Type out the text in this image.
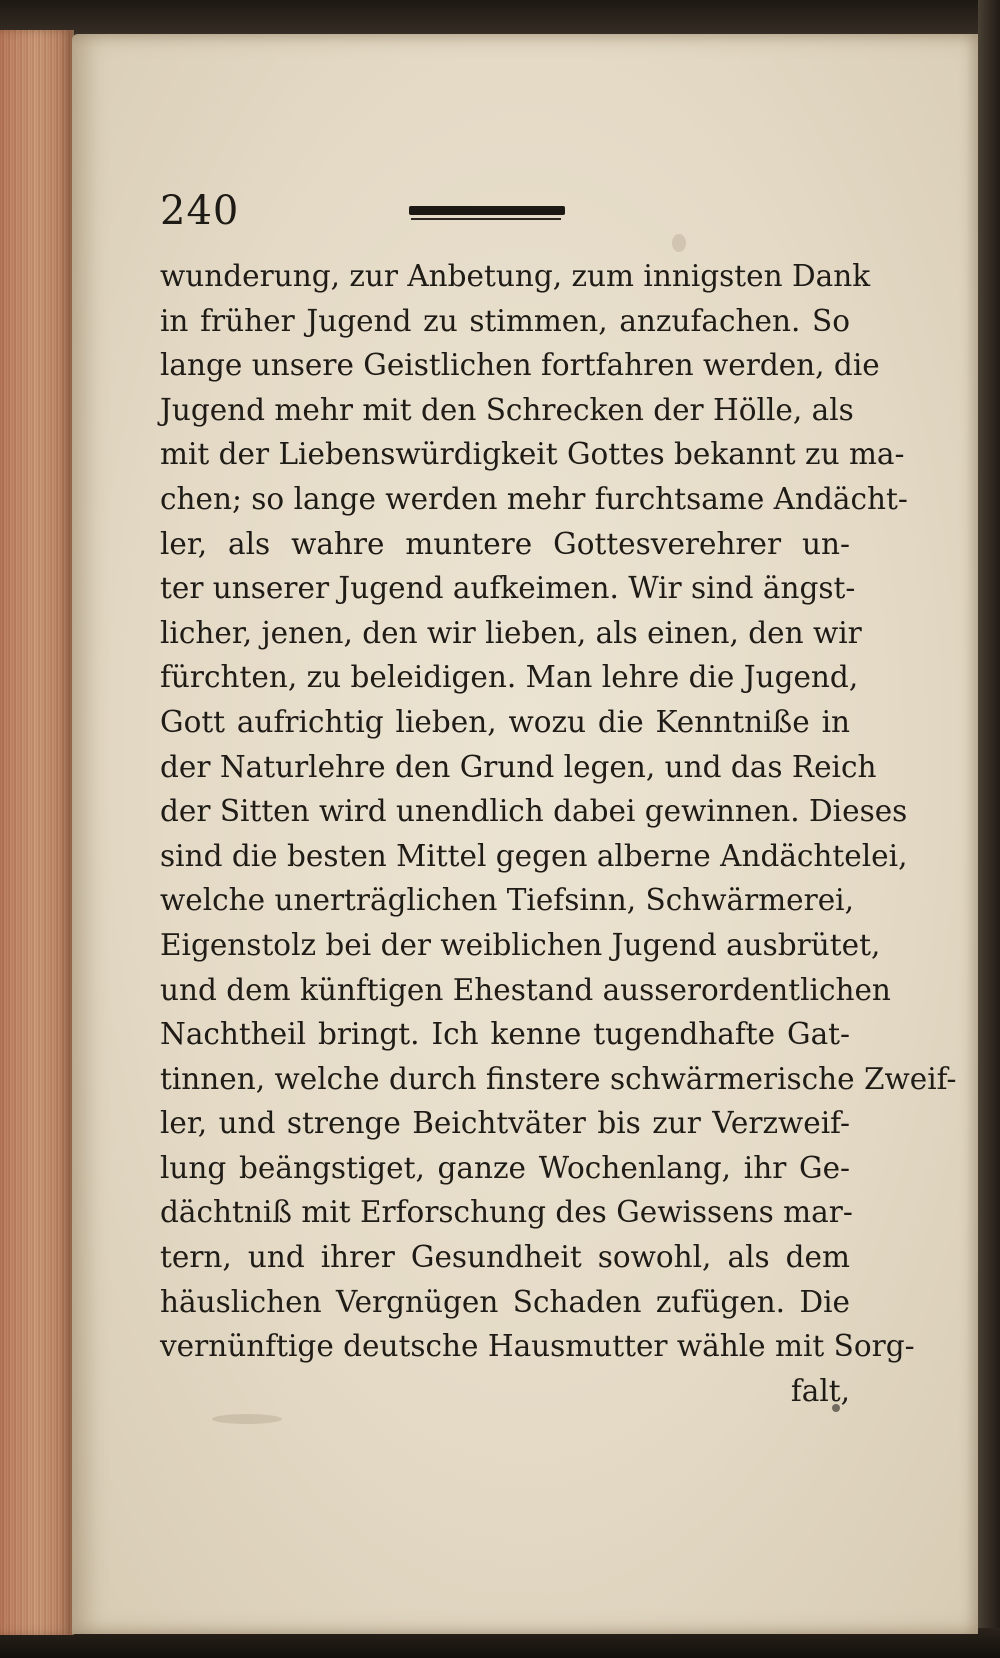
240
wunderung, zur Anbetung, zum innigsten Dank
in früher Jugend zu stimmen, anzufachen. So
lange unsere Geistlichen fortfahren werden, die
Jugend mehr mit den Schrecken der Hölle, als
mit der Liebenswürdigkeit Gottes bekannt zu ma-
chen; so lange werden mehr furchtsame Andächt-
ler, als wahre muntere Gottesverehrer un-
ter unserer Jugend aufkeimen. Wir sind ängst-
licher, jenen, den wir lieben, als einen, den wir
fürchten, zu beleidigen. Man lehre die Jugend,
Gott aufrichtig lieben, wozu die Kenntniße in
der Naturlehre den Grund legen, und das Reich
der Sitten wird unendlich dabei gewinnen. Dieses
sind die besten Mittel gegen alberne Andächtelei,
welche unerträglichen Tiefsinn, Schwärmerei,
Eigenstolz bei der weiblichen Jugend ausbrütet,
und dem künftigen Ehestand ausserordentlichen
Nachtheil bringt. Ich kenne tugendhafte Gat-
tinnen, welche durch finstere schwärmerische Zweif-
ler, und strenge Beichtväter bis zur Verzweif-
lung beängstiget, ganze Wochenlang, ihr Ge-
dächtniß mit Erforschung des Gewissens mar-
tern, und ihrer Gesundheit sowohl, als dem
häuslichen Vergnügen Schaden zufügen. Die
vernünftige deutsche Hausmutter wähle mit Sorg-
falt,
